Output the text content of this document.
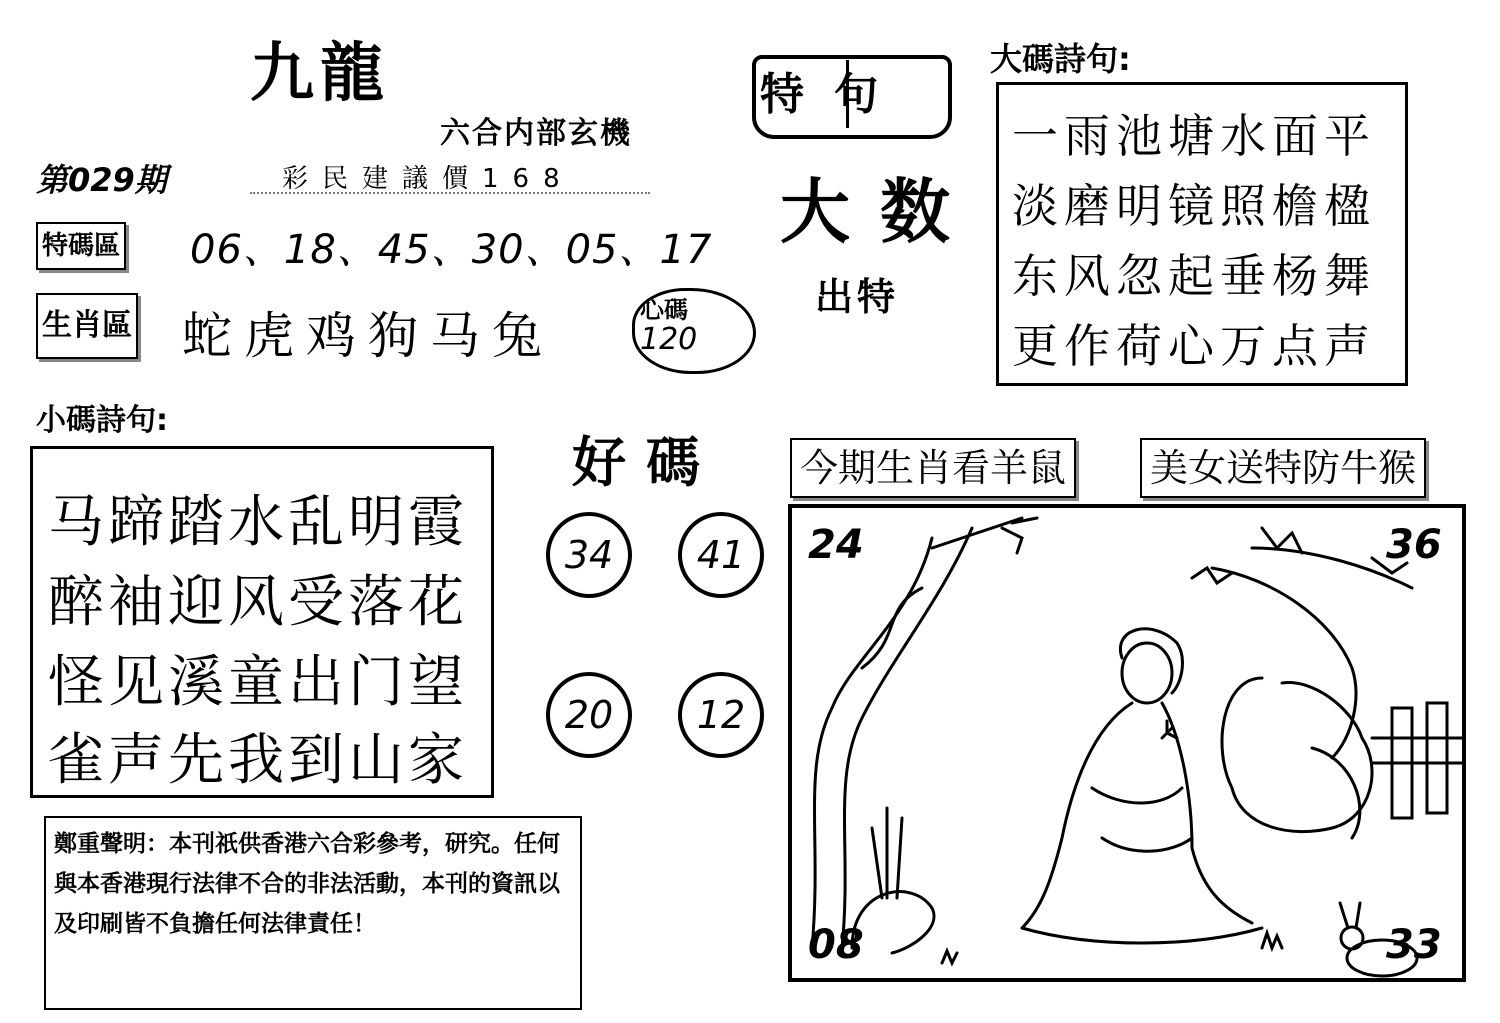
九龍
六合内部玄機
第029期	彩民建議價168
特碼區 06、18、45、30、05、17
生肖區 蛇虎鸡狗马兔	心碼
120
特句
大数
出特
大碼詩句:
一雨池塘水面平
淡磨明镜照檐楹
东风忽起垂杨舞
更作荷心万点声
小碼詩句:
马蹄踏水乱明霞
醉袖迎风受落花
怪见溪童出门望
雀声先我到山家
好碼
34	41
20	12
今期生肖看羊鼠 美女送特防牛猴
24	36
08	33
鄭重聲明：本刊祇供香港六合彩參考，研究。任何與本香港現行法律不合的非法活動，本刊的資訊以及印刷皆不負擔任何法律責任！
